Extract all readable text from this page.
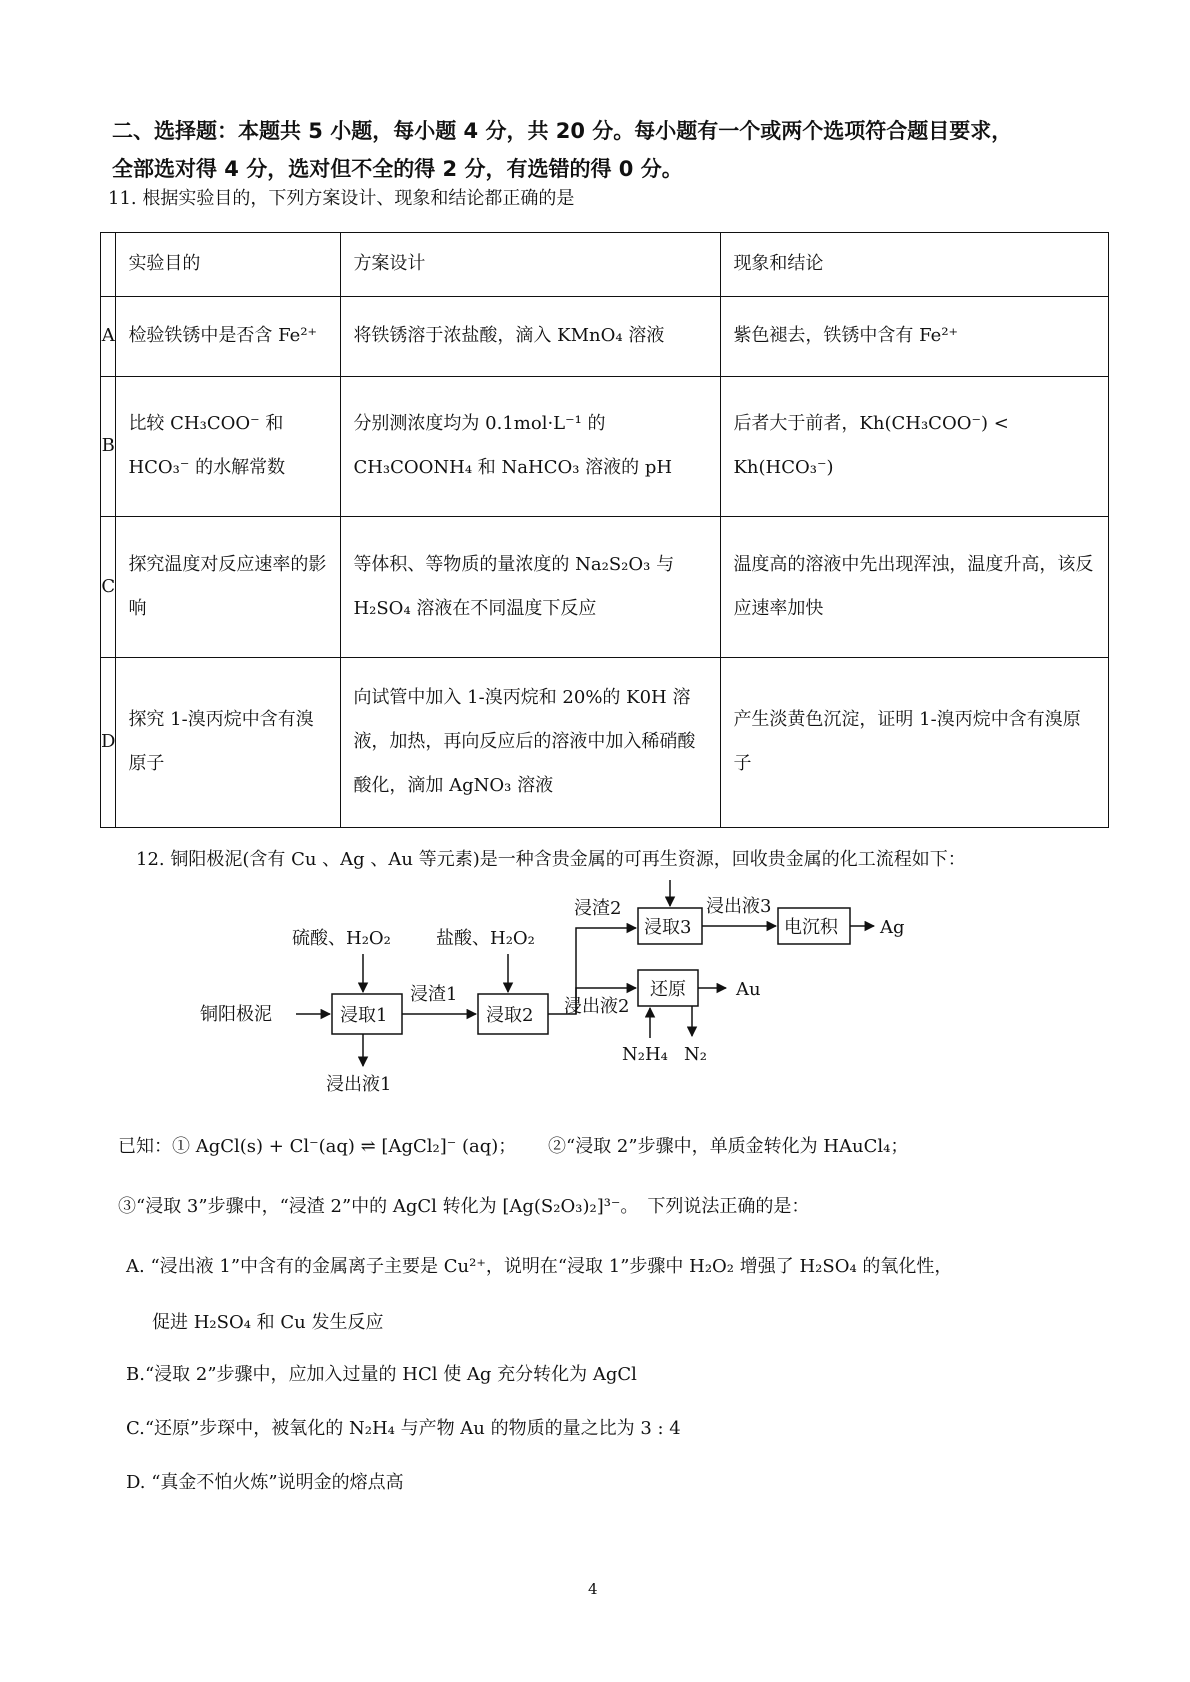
二、选择题：本题共 5 小题，每小题 4 分，共 20 分。每小题有一个或两个选项符合题目要求，
全部选对得 4 分，选对但不全的得 2 分，有选错的得 0 分。
11. 根据实验目的，下列方案设计、现象和结论都正确的是
	实验目的	方案设计	现象和结论
A	检验铁锈中是否含 Fe²⁺	将铁锈溶于浓盐酸，滴入 KMnO₄ 溶液	紫色褪去，铁锈中含有 Fe²⁺
B	比较 CH₃COO⁻ 和 HCO₃⁻ 的水解常数	分别测浓度均为 0.1mol·L⁻¹ 的 CH₃COONH₄ 和 NaHCO₃ 溶液的 pH	后者大于前者，Kh(CH₃COO⁻) < Kh(HCO₃⁻)
C	探究温度对反应速率的影响	等体积、等物质的量浓度的 Na₂S₂O₃ 与 H₂SO₄ 溶液在不同温度下反应	温度高的溶液中先出现浑浊，温度升高，该反应速率加快
D	探究 1-溴丙烷中含有溴原子	向试管中加入 1-溴丙烷和 20%的 K0H 溶液，加热，再向反应后的溶液中加入稀硝酸酸化，滴加 AgNO₃ 溶液	产生淡黄色沉淀，证明 1-溴丙烷中含有溴原子
12. 铜阳极泥(含有 Cu 、Ag 、Au 等元素)是一种含贵金属的可再生资源，回收贵金属的化工流程如下：
铜阳极泥
硫酸、H₂O₂
浸取1
浸出液1
浸渣1
盐酸、H₂O₂
浸取2
浸渣2
浸出液2
浸取3
浸出液3
电沉积 Ag
还原	Au
N₂H₄ N₂
已知：① AgCl(s) + Cl⁻(aq) ⇌ [AgCl₂]⁻ (aq)； ②“浸取 2”步骤中，单质金转化为 HAuCl₄；
③“浸取 3”步骤中，“浸渣 2”中的 AgCl 转化为 [Ag(S₂O₃)₂]³⁻。　下列说法正确的是：
A. “浸出液 1”中含有的金属离子主要是 Cu²⁺，说明在“浸取 1”步骤中 H₂O₂ 增强了 H₂SO₄ 的氧化性，
促进 H₂SO₄ 和 Cu 发生反应
B.“浸取 2”步骤中，应加入过量的 HCl 使 Ag 充分转化为 AgCl
C.“还原”步琛中，被氧化的 N₂H₄ 与产物 Au 的物质的量之比为 3 : 4
D. “真金不怕火炼”说明金的熔点高
4
